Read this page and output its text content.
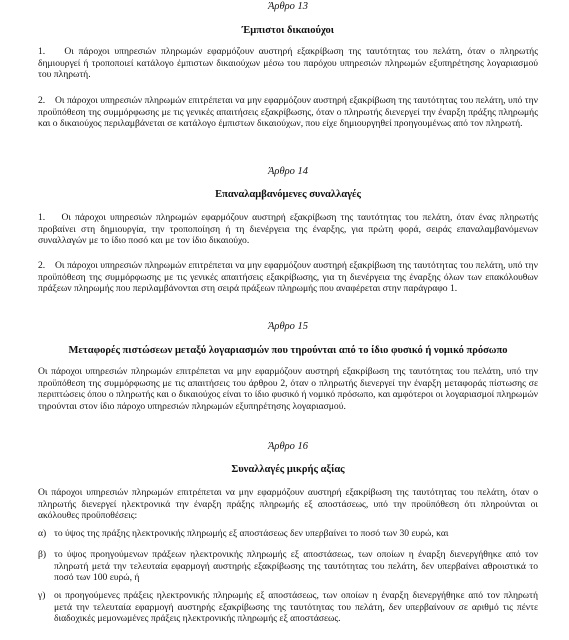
Άρθρο 13

Έμπιστοι δικαιούχοι

1.    Οι πάροχοι υπηρεσιών πληρωμών εφαρμόζουν αυστηρή εξακρίβωση της ταυτότητας του πελάτη, όταν ο πληρωτής δημιουργεί ή τροποποιεί κατάλογο έμπιστων δικαιούχων μέσω του παρόχου υπηρεσιών πληρωμών εξυπηρέτησης λογαριασμού του πληρωτή.

2.    Οι πάροχοι υπηρεσιών πληρωμών επιτρέπεται να μην εφαρμόζουν αυστηρή εξακρίβωση της ταυτότητας του πελάτη, υπό την προϋπόθεση της συμμόρφωσης με τις γενικές απαιτήσεις εξακρίβωσης, όταν ο πληρωτής διενεργεί την έναρξη πράξης πληρωμής και ο δικαιούχος περιλαμβάνεται σε κατάλογο έμπιστων δικαιούχων, που είχε δημιουργηθεί προηγουμένως από τον πληρωτή.

Άρθρο 14

Επαναλαμβανόμενες συναλλαγές

1.    Οι πάροχοι υπηρεσιών πληρωμών εφαρμόζουν αυστηρή εξακρίβωση της ταυτότητας του πελάτη, όταν ένας πληρωτής προβαίνει στη δημιουργία, την τροποποίηση ή τη διενέργεια της έναρξης, για πρώτη φορά, σειράς επαναλαμβανόμενων συναλλαγών με το ίδιο ποσό και με τον ίδιο δικαιούχο.

2.    Οι πάροχοι υπηρεσιών πληρωμών επιτρέπεται να μην εφαρμόζουν αυστηρή εξακρίβωση της ταυτότητας του πελάτη, υπό την προϋπόθεση της συμμόρφωσης με τις γενικές απαιτήσεις εξακρίβωσης, για τη διενέργεια της έναρξης όλων των επακόλουθων πράξεων πληρωμής που περιλαμβάνονται στη σειρά πράξεων πληρωμής που αναφέρεται στην παράγραφο 1.

Άρθρο 15

Μεταφορές πιστώσεων μεταξύ λογαριασμών που τηρούνται από το ίδιο φυσικό ή νομικό πρόσωπο

Οι πάροχοι υπηρεσιών πληρωμών επιτρέπεται να μην εφαρμόζουν αυστηρή εξακρίβωση της ταυτότητας του πελάτη, υπό την προϋπόθεση της συμμόρφωσης με τις απαιτήσεις του άρθρου 2, όταν ο πληρωτής διενεργεί την έναρξη μεταφοράς πίστωσης σε περιπτώσεις όπου ο πληρωτής και ο δικαιούχος είναι το ίδιο φυσικό ή νομικό πρόσωπο, και αμφότεροι οι λογαριασμοί πληρωμών τηρούνται στον ίδιο πάροχο υπηρεσιών πληρωμών εξυπηρέτησης λογαριασμού.

Άρθρο 16

Συναλλαγές μικρής αξίας

Οι πάροχοι υπηρεσιών πληρωμών επιτρέπεται να μην εφαρμόζουν αυστηρή εξακρίβωση της ταυτότητας του πελάτη, όταν ο πληρωτής διενεργεί ηλεκτρονικά την έναρξη πράξης πληρωμής εξ αποστάσεως, υπό την προϋπόθεση ότι πληρούνται οι ακόλουθες προϋποθέσεις:

α) το ύψος της πράξης ηλεκτρονικής πληρωμής εξ αποστάσεως δεν υπερβαίνει το ποσό των 30 ευρώ, και
β) το ύψος προηγούμενων πράξεων ηλεκτρονικής πληρωμής εξ αποστάσεως, των οποίων η έναρξη διενεργήθηκε από τον πληρωτή μετά την τελευταία εφαρμογή αυστηρής εξακρίβωσης της ταυτότητας του πελάτη, δεν υπερβαίνει αθροιστικά το ποσό των 100 ευρώ, ή
γ) οι προηγούμενες πράξεις ηλεκτρονικής πληρωμής εξ αποστάσεως, των οποίων η έναρξη διενεργήθηκε από τον πληρωτή μετά την τελευταία εφαρμογή αυστηρής εξακρίβωσης της ταυτότητας του πελάτη, δεν υπερβαίνουν σε αριθμό τις πέντε διαδοχικές μεμονωμένες πράξεις ηλεκτρονικής πληρωμής εξ αποστάσεως.
